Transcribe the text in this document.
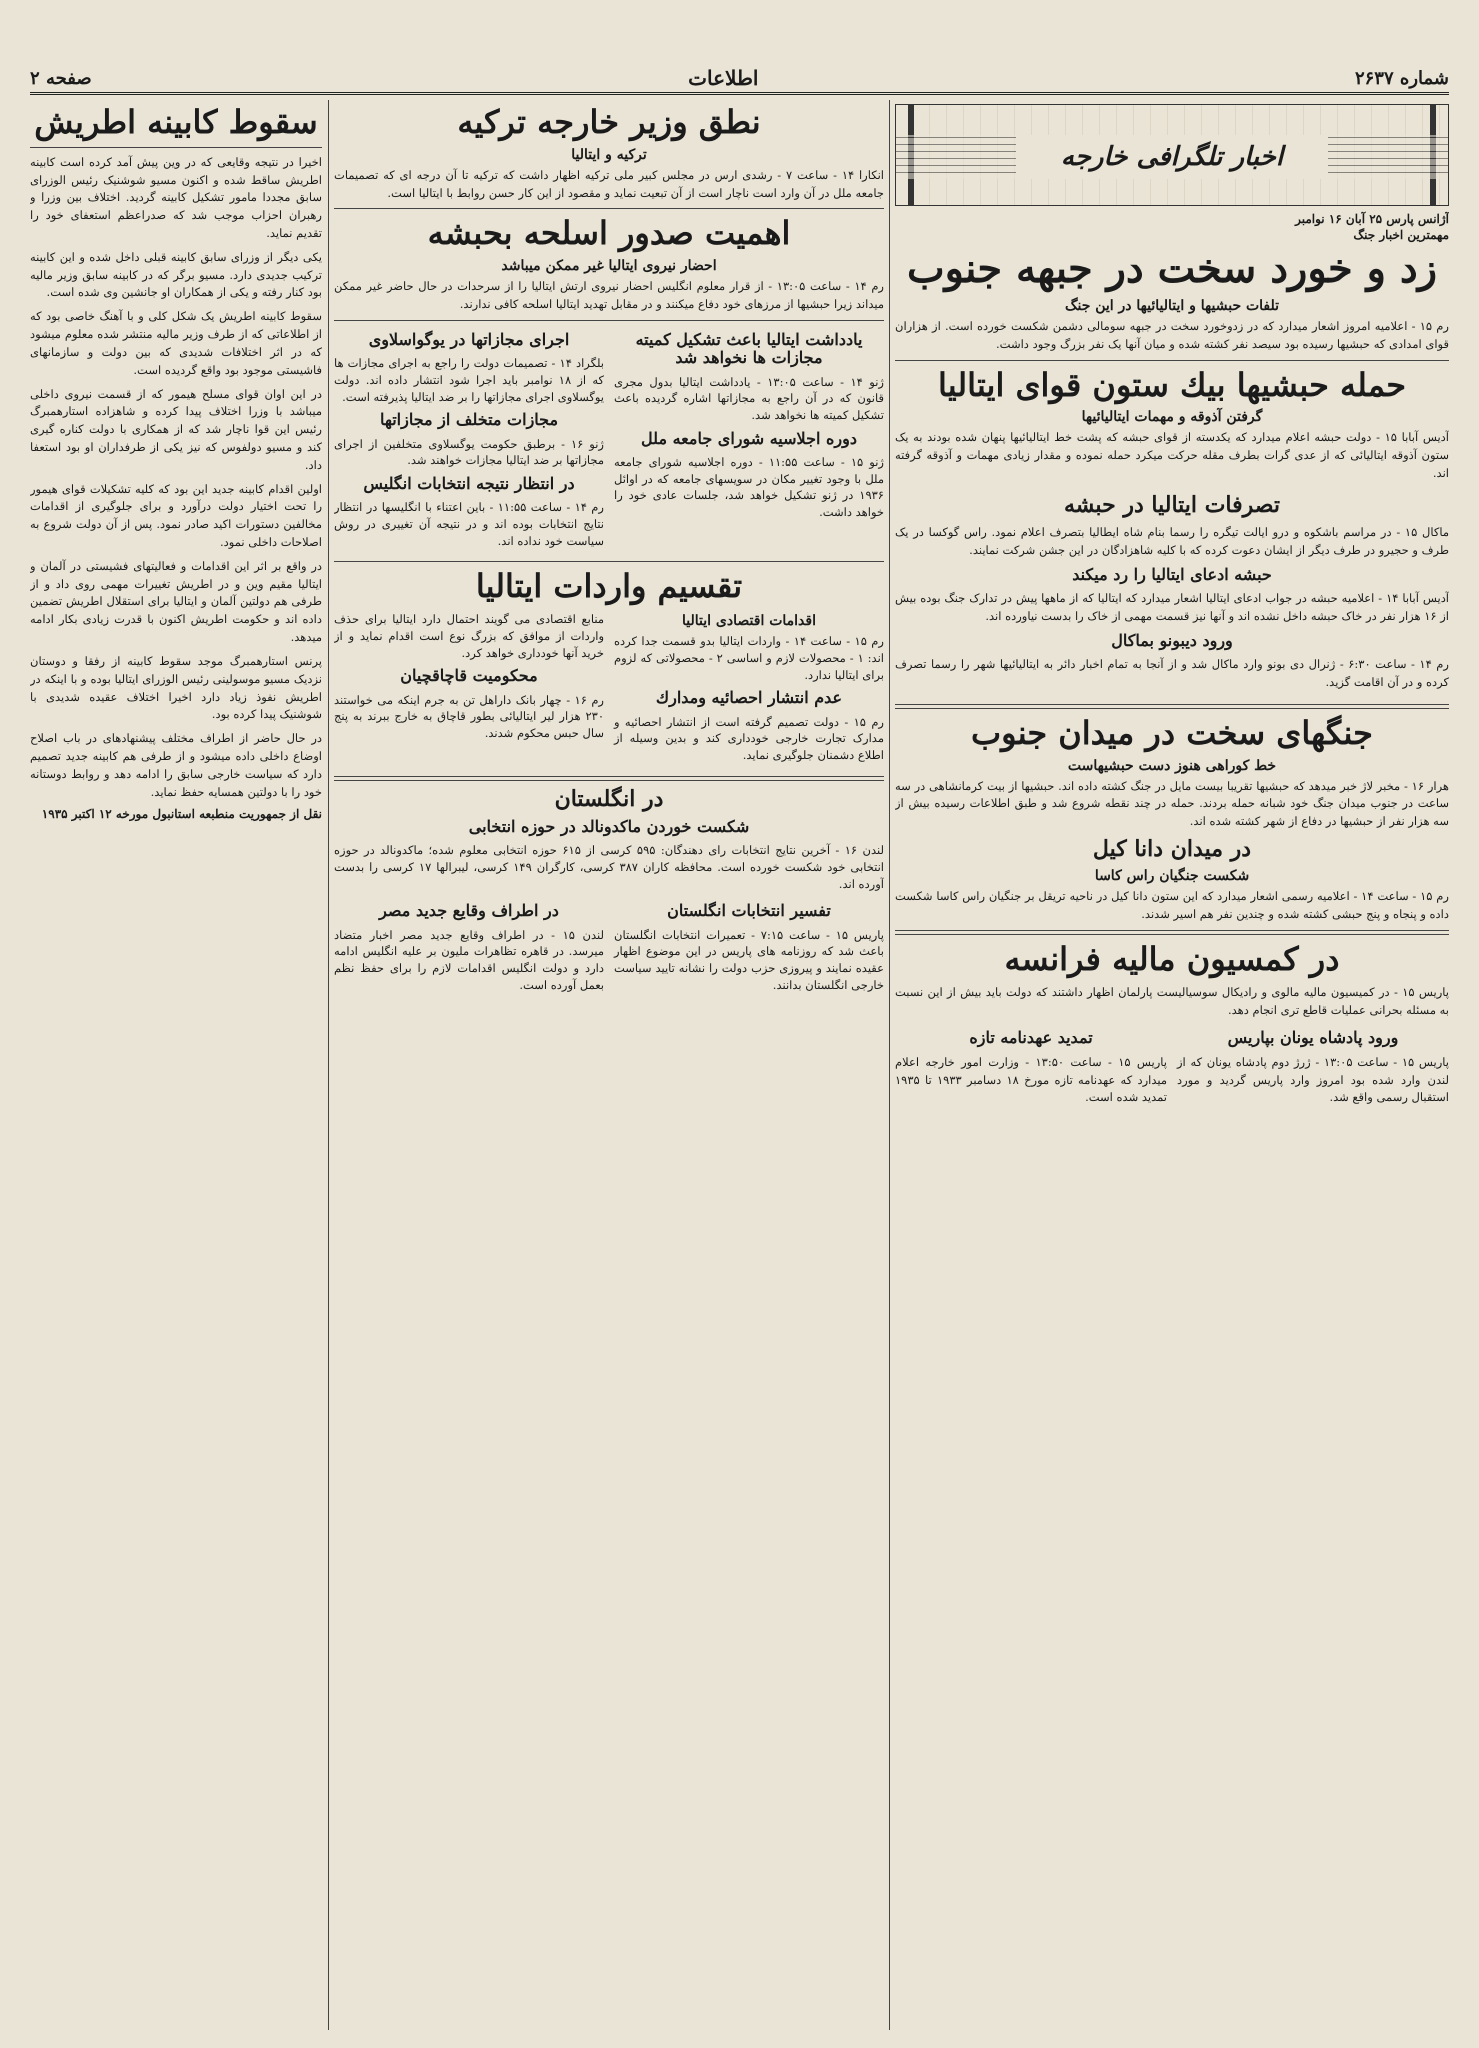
شماره ۲۶۳۷
اطلاعات
صفحه ۲
اخبار تلگرافی خارجه
آژانس پارس ۲۵ آبان ۱۶ نوامبر
مهمترین اخبار جنگ
زد و خورد سخت در جبهه جنوب
تلفات حبشیها و ایتالیائیها در این جنگ

رم ۱۵ - اعلامیه امروز اشعار میدارد که در زدوخورد سخت در جبهه سومالی دشمن شکست خورده است. از هزاران قوای امدادی که حبشیها رسیده بود سیصد نفر کشته شده و میان آنها یک نفر بزرگ وجود داشت.

حمله حبشیها بیك ستون قوای ایتالیا
گرفتن آذوقه و مهمات ایتالیائیها

آدیس آبابا ۱۵ - دولت حبشه اعلام میدارد که یکدسته از قوای حبشه که پشت خط ایتالیائیها پنهان شده بودند به یک ستون آذوقه ایتالیائی که از عدی گرات بطرف مقله حرکت میکرد حمله نموده و مقدار زیادی مهمات و آذوقه گرفته اند.

تصرفات ایتالیا در حبشه

ماکال ۱۵ - در مراسم باشکوه و درو ایالت تیگره را رسما بنام شاه ایطالیا بتصرف اعلام نمود. راس گوکسا در یک طرف و حجیرو در طرف دیگر از ایشان دعوت کرده که با کلیه شاهزادگان در این جشن شرکت نمایند.

حبشه ادعای ایتالیا را رد میکند

آدیس آبابا ۱۴ - اعلامیه حبشه در جواب ادعای ایتالیا اشعار میدارد که ایتالیا که از ماهها پیش در تدارک جنگ بوده بیش از ۱۶ هزار نفر در خاک حبشه داخل نشده اند و آنها نیز قسمت مهمی از خاک را بدست نیاورده اند.

ورود دیبونو بماکال

رم ۱۴ - ساعت ۶:۳۰ - ژنرال دی بونو وارد ماکال شد و از آنجا به تمام اخبار دائر به ایتالیائیها شهر را رسما تصرف کرده و در آن اقامت گزید.

جنگهای سخت در میدان جنوب
خط کوراهی هنوز دست حبشیهاست

هرار ۱۶ - مخبر لاژ خبر میدهد که حبشیها تقریبا بیست مایل در جنگ کشته داده اند. حبشیها از بیت کرمانشاهی در سه ساعت در جنوب میدان جنگ خود شبانه حمله بردند. حمله در چند نقطه شروع شد و طبق اطلاعات رسیده بیش از سه هزار نفر از حبشیها در دفاع از شهر کشته شده اند.

در میدان دانا کیل
شکست جنگیان راس کاسا

رم ۱۵ - ساعت ۱۴ - اعلامیه رسمی اشعار میدارد که این ستون دانا کیل در ناحیه تریقل بر جنگیان راس کاسا شکست داده و پنجاه و پنج حبشی کشته شده و چندین نفر هم اسیر شدند.

در کمسیون مالیه فرانسه

پاریس ۱۵ - در کمیسیون مالیه مالوی و رادیکال سوسیالیست پارلمان اظهار داشتند که دولت باید بیش از این نسبت به مسئله بحرانی عملیات قاطع تری انجام دهد.

ورود پادشاه یونان بپاریس

پاریس ۱۵ - ساعت ۱۳:۰۵ - ژرژ دوم پادشاه یونان که از لندن وارد شده بود امروز وارد پاریس گردید و مورد استقبال رسمی واقع شد.

تمدید عهدنامه تازه

پاریس ۱۵ - ساعت ۱۳:۵۰ - وزارت امور خارجه اعلام میدارد که عهدنامه تازه مورخ ۱۸ دسامبر ۱۹۳۳ تا ۱۹۳۵ تمدید شده است.

نطق وزیر خارجه ترکیه
ترکیه و ایتالیا

انکارا ۱۴ - ساعت ۷ - رشدی ارس در مجلس کبیر ملی ترکیه اظهار داشت که ترکیه تا آن درجه ای که تصمیمات جامعه ملل در آن وارد است ناچار است از آن تبعیت نماید و مقصود از این کار حسن روابط با ایتالیا است.

اهمیت صدور اسلحه بحبشه
احضار نیروی ایتالیا غیر ممکن میباشد

رم ۱۴ - ساعت ۱۳:۰۵ - از قرار معلوم انگلیس احضار نیروی ارتش ایتالیا را از سرحدات در حال حاضر غیر ممکن میداند زیرا حبشیها از مرزهای خود دفاع میکنند و در مقابل تهدید ایتالیا اسلحه کافی ندارند.

یادداشت ایتالیا باعث تشکیل کمیته مجازات ها نخواهد شد

ژنو ۱۴ - ساعت ۱۳:۰۵ - یادداشت ایتالیا بدول مجری قانون که در آن راجع به مجازاتها اشاره گردیده باعث تشکیل کمیته ها نخواهد شد.

دوره اجلاسیه شورای جامعه ملل

ژنو ۱۵ - ساعت ۱۱:۵۵ - دوره اجلاسیه شورای جامعه ملل با وجود تغییر مکان در سویسهای جامعه که در اوائل ۱۹۳۶ در ژنو تشکیل خواهد شد، جلسات عادی خود را خواهد داشت.

اجرای مجازاتها در یوگواسلاوی

بلگراد ۱۴ - تصمیمات دولت را راجع به اجرای مجازات ها که از ۱۸ نوامبر باید اجرا شود انتشار داده اند. دولت یوگسلاوی اجرای مجازاتها را بر ضد ایتالیا پذیرفته است.

مجازات متخلف از مجازاتها

ژنو ۱۶ - برطبق حکومت یوگسلاوی متخلفین از اجرای مجازاتها بر ضد ایتالیا مجازات خواهند شد.

در انتظار نتیجه انتخابات انگلیس

رم ۱۴ - ساعت ۱۱:۵۵ - باین اعتناء با انگلیسها در انتظار نتایج انتخابات بوده اند و در نتیجه آن تغییری در روش سیاست خود نداده اند.

تقسیم واردات ایتالیا
اقدامات اقتصادی ایتالیا

رم ۱۵ - ساعت ۱۴ - واردات ایتالیا بدو قسمت جدا کرده اند: ۱ - محصولات لازم و اساسی ۲ - محصولاتی که لزوم برای ایتالیا ندارد.

عدم انتشار احصائیه ومدارك

رم ۱۵ - دولت تصمیم گرفته است از انتشار احصائیه و مدارک تجارت خارجی خودداری کند و بدین وسیله از اطلاع دشمنان جلوگیری نماید.

منابع اقتصادی می گویند احتمال دارد ایتالیا برای حذف واردات از موافق که بزرگ نوع است اقدام نماید و از خرید آنها خودداری خواهد کرد.

محکومیت قاچاقچیان

رم ۱۶ - چهار بانک داراهل تن به جرم اینکه می خواستند ۲۳۰ هزار لیر ایتالیائی بطور قاچاق به خارج ببرند به پنج سال حبس محکوم شدند.

در انگلستان
شکست خوردن ماکدونالد در حوزه انتخابی

لندن ۱۶ - آخرین نتایج انتخابات رای دهندگان: ۵۹۵ کرسی از ۶۱۵ حوزه انتخابی معلوم شده؛ ماکدونالد در حوزه انتخابی خود شکست خورده است. محافظه کاران ۳۸۷ کرسی، کارگران ۱۴۹ کرسی، لیبرالها ۱۷ کرسی را بدست آورده اند.

تفسیر انتخابات انگلستان

پاریس ۱۵ - ساعت ۷:۱۵ - تعمیرات انتخابات انگلستان باعث شد که روزنامه های پاریس در این موضوع اظهار عقیده نمایند و پیروزی حزب دولت را نشانه تایید سیاست خارجی انگلستان بدانند.

در اطراف وقایع جدید مصر

لندن ۱۵ - در اطراف وقایع جدید مصر اخبار متضاد میرسد. در قاهره تظاهرات ملیون بر علیه انگلیس ادامه دارد و دولت انگلیس اقدامات لازم را برای حفظ نظم بعمل آورده است.

سقوط کابینه اطریش

اخیرا در نتیجه وقایعی که در وین پیش آمد کرده است کابینه اطریش ساقط شده و اکنون مسیو شوشنیک رئیس الوزرای سابق مجددا مامور تشکیل کابینه گردید. اختلاف بین وزرا و رهبران احزاب موجب شد که صدراعظم استعفای خود را تقدیم نماید.

یکی دیگر از وزرای سابق کابینه قبلی داخل شده و این کابینه ترکیب جدیدی دارد. مسیو برگر که در کابینه سابق وزیر مالیه بود کنار رفته و یکی از همکاران او جانشین وی شده است.

سقوط کابینه اطریش یک شکل کلی و با آهنگ خاصی بود که از اطلاعاتی که از طرف وزیر مالیه منتشر شده معلوم میشود که در اثر اختلافات شدیدی که بین دولت و سازمانهای فاشیستی موجود بود واقع گردیده است.

در این اوان قوای مسلح هیمور که از قسمت نیروی داخلی میباشد با وزرا اختلاف پیدا کرده و شاهزاده استارهمبرگ رئیس این قوا ناچار شد که از همکاری با دولت کناره گیری کند و مسیو دولفوس که نیز یکی از طرفداران او بود استعفا داد.

اولین اقدام کابینه جدید این بود که کلیه تشکیلات قوای هیمور را تحت اختیار دولت درآورد و برای جلوگیری از اقدامات مخالفین دستورات اکید صادر نمود. پس از آن دولت شروع به اصلاحات داخلی نمود.

در واقع بر اثر این اقدامات و فعالیتهای فشیستی در آلمان و ایتالیا مقیم وین و در اطریش تغییرات مهمی روی داد و از طرفی هم دولتین آلمان و ایتالیا برای استقلال اطریش تضمین داده اند و حکومت اطریش اکنون با قدرت زیادی بکار ادامه میدهد.

پرنس استارهمبرگ موجد سقوط کابینه از رفقا و دوستان نزدیک مسیو موسولینی رئیس الوزرای ایتالیا بوده و با اینکه در اطریش نفوذ زیاد دارد اخیرا اختلاف عقیده شدیدی با شوشنیک پیدا کرده بود.

در حال حاضر از اطراف مختلف پیشنهادهای در باب اصلاح اوضاع داخلی داده میشود و از طرفی هم کابینه جدید تصمیم دارد که سیاست خارجی سابق را ادامه دهد و روابط دوستانه خود را با دولتین همسایه حفظ نماید.

نقل از جمهوریت منطبعه استانبول مورخه ۱۲ اکتبر ۱۹۳۵
